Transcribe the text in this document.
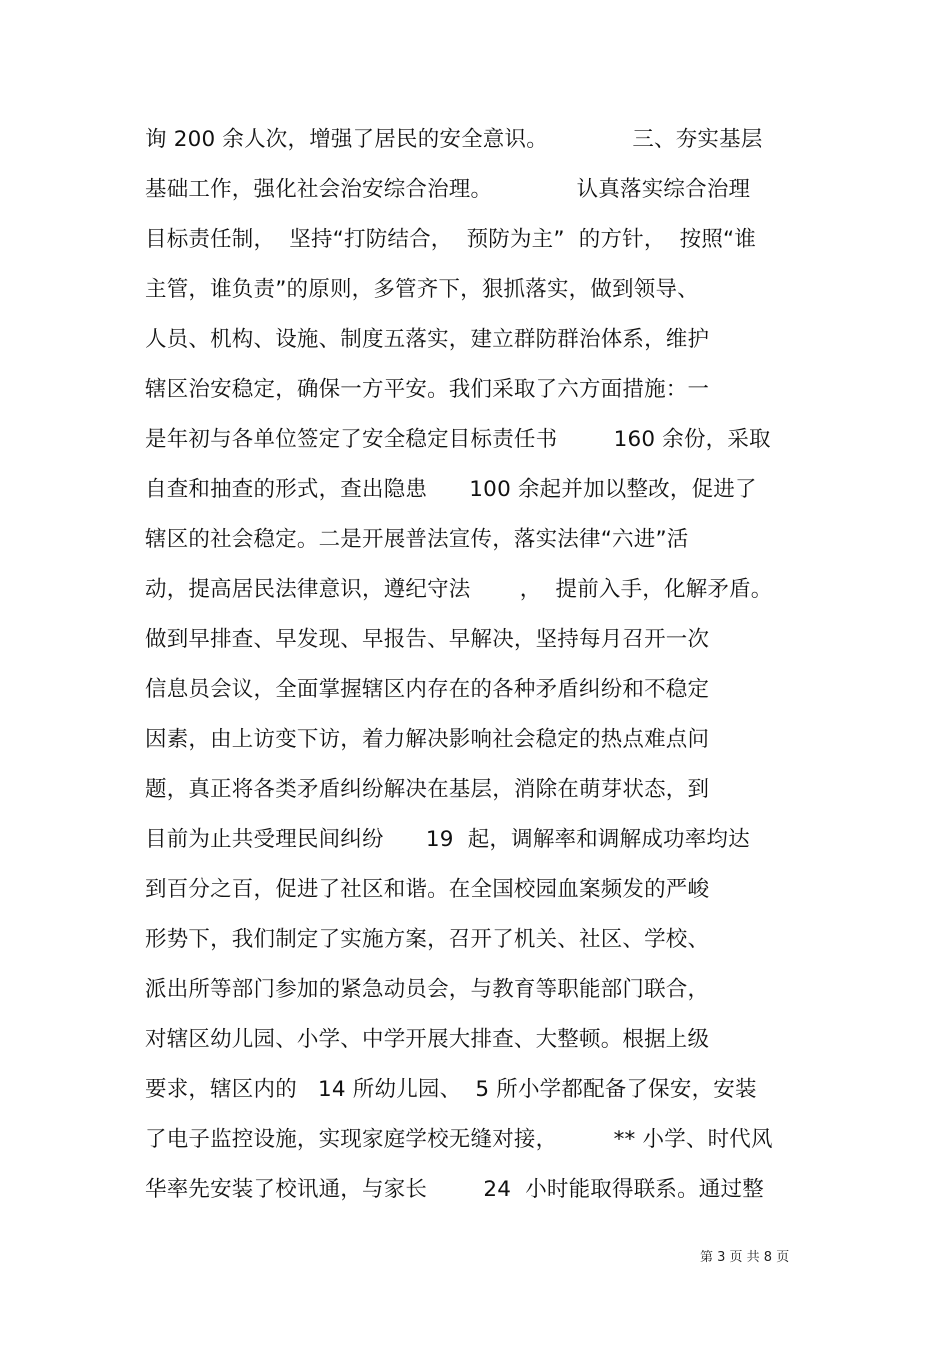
询 200 余人次，增强了居民的安全意识。            三、夯实基层
基础工作，强化社会治安综合治理。            认真落实综合治理
目标责任制，  坚持“打防结合，  预防为主”  的方针，  按照“谁
主管，谁负责”的原则，多管齐下，狠抓落实，做到领导、
人员、机构、设施、制度五落实，建立群防群治体系，维护
辖区治安稳定，确保一方平安。我们采取了六方面措施：一
是年初与各单位签定了安全稳定目标责任书        160 余份，采取
自查和抽查的形式，查出隐患      100 余起并加以整改，促进了
辖区的社会稳定。二是开展普法宣传，落实法律“六进”活
动，提高居民法律意识，遵纪守法       ，  提前入手，化解矛盾。
做到早排查、早发现、早报告、早解决，坚持每月召开一次
信息员会议，全面掌握辖区内存在的各种矛盾纠纷和不稳定
因素，由上访变下访，着力解决影响社会稳定的热点难点问
题，真正将各类矛盾纠纷解决在基层，消除在萌芽状态，到
目前为止共受理民间纠纷      19  起，调解率和调解成功率均达
到百分之百，促进了社区和谐。在全国校园血案频发的严峻
形势下，我们制定了实施方案，召开了机关、社区、学校、
派出所等部门参加的紧急动员会，与教育等职能部门联合，
对辖区幼儿园、小学、中学开展大排查、大整顿。根据上级
要求，辖区内的   14 所幼儿园、  5 所小学都配备了保安，安装
了电子监控设施，实现家庭学校无缝对接，        ** 小学、时代风
华率先安装了校讯通，与家长        24  小时能取得联系。通过整
第 3 页 共 8 页
